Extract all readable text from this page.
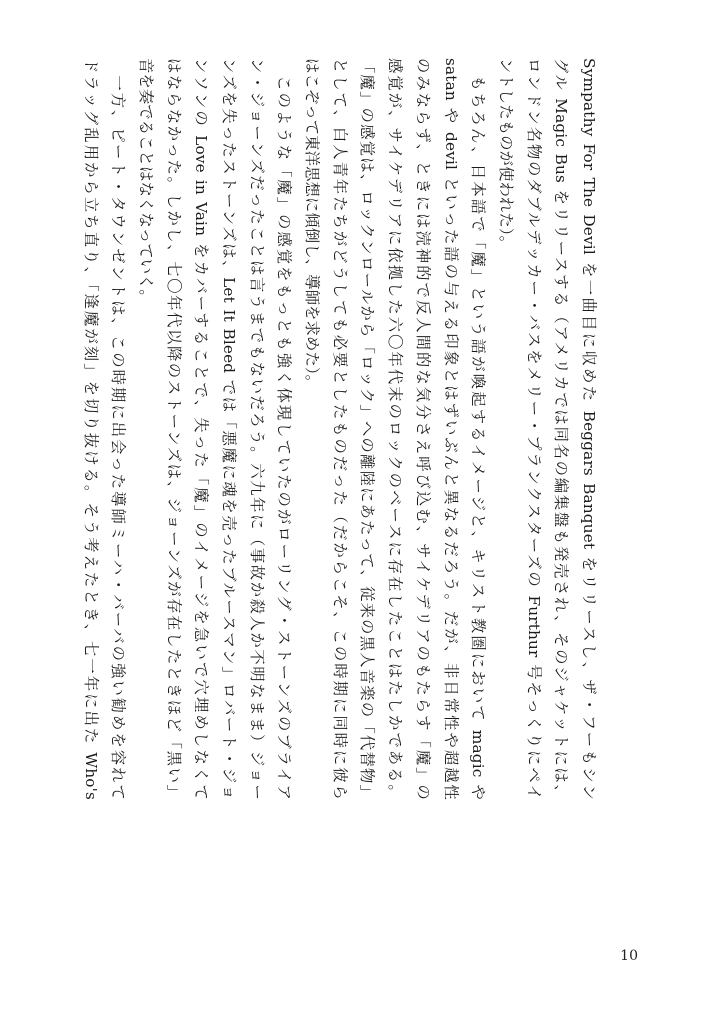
Sympathy For The Devil を一曲目に収めた Beggars Banquet をリリースし、ザ・フーもシン
グル Magic Bus をリリースする（アメリカでは同名の編集盤も発売され、そのジャケットには、
ロンドン名物のダブルデッカー・バスをメリー・プランクスターズの Furthur 号そっくりにペイ
ントしたものが使われた）。
　もちろん、日本語で「魔」という語が喚起するイメージと、キリスト教圏において magic や
satan や devil といった語の与える印象とはずいぶんと異なるだろう。だが、非日常性や超越性
のみならず、ときには涜神的で反人間的な気分さえ呼び込む、サイケデリアのもたらす「魔」の
感覚が、サイケデリアに依拠した六〇年代末のロックのベースに存在したことはたしかである。
「魔」の感覚は、ロックンロールから「ロック」への離陸にあたって、従来の黒人音楽の「代替物」
として、白人青年たちがどうしても必要としたものだった（だからこそ、この時期に同時に彼ら
はこぞって東洋思想に傾倒し、導師を求めた）。
　このような「魔」の感覚をもっとも強く体現していたのがローリング・ストーンズのブライア
ン・ジョーンズだったことは言うまでもないだろう。六九年に（事故か殺人か不明なまま）ジョー
ンズを失ったストーンズは、Let It Bleed では「悪魔に魂を売ったブルースマン」ロバート・ジョ
ンソンの Love in Vain をカバーすることで、失った「魔」のイメージを急いで穴埋めしなくて
はならなかった。しかし、七〇年代以降のストーンズは、ジョーンズが存在したときほど「黒い」
音を奏でることはなくなっていく。
　一方、ピート・タウンゼントは、この時期に出会った導師ミーハ・バーバの強い勧めを容れて
ドラッグ乱用から立ち直り、「逢魔が刻」を切り抜ける。そう考えたとき、七一年に出た Who's
10
